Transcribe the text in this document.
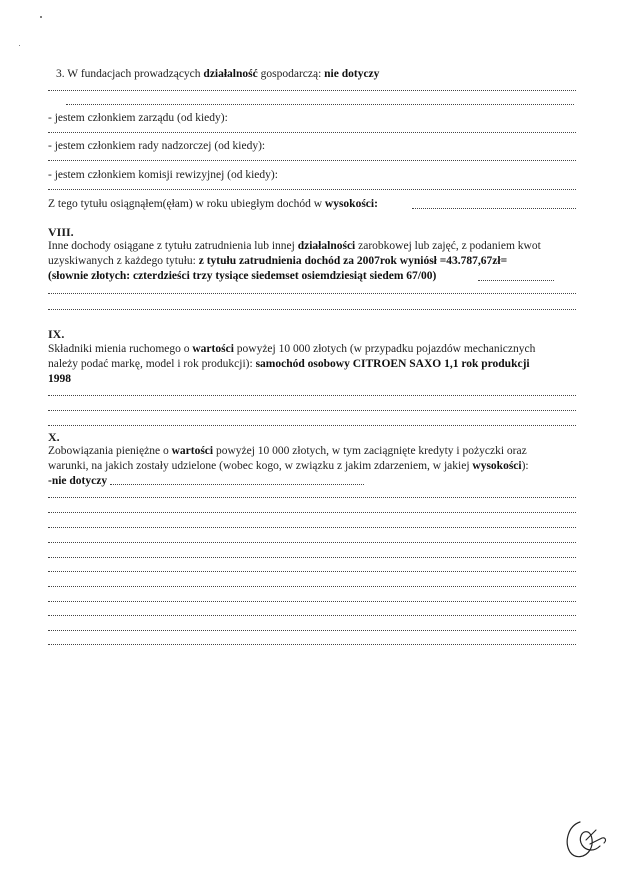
3. W fundacjach prowadzących działalność gospodarczą: nie dotyczy
- jestem członkiem zarządu (od kiedy):
- jestem członkiem rady nadzorczej (od kiedy):
- jestem członkiem komisji rewizyjnej (od kiedy):
Z tego tytułu osiągnąłem(ęłam) w roku ubiegłym dochód w wysokości:
VIII.
Inne dochody osiągane z tytułu zatrudnienia lub innej działalności zarobkowej lub zajęć, z podaniem kwot
uzyskiwanych z każdego tytułu: z tytułu zatrudnienia dochód za 2007rok wyniósł =43.787,67zł=
(słownie złotych: czterdzieści trzy tysiące siedemset osiemdziesiąt siedem 67/00)
IX.
Składniki mienia ruchomego o wartości powyżej 10 000 złotych (w przypadku pojazdów mechanicznych
należy podać markę, model i rok produkcji): samochód osobowy CITROEN SAXO 1,1 rok produkcji
1998
X.
Zobowiązania pieniężne o wartości powyżej 10 000 złotych, w tym zaciągnięte kredyty i pożyczki oraz
warunki, na jakich zostały udzielone (wobec kogo, w związku z jakim zdarzeniem, w jakiej wysokości):
-nie dotyczy
